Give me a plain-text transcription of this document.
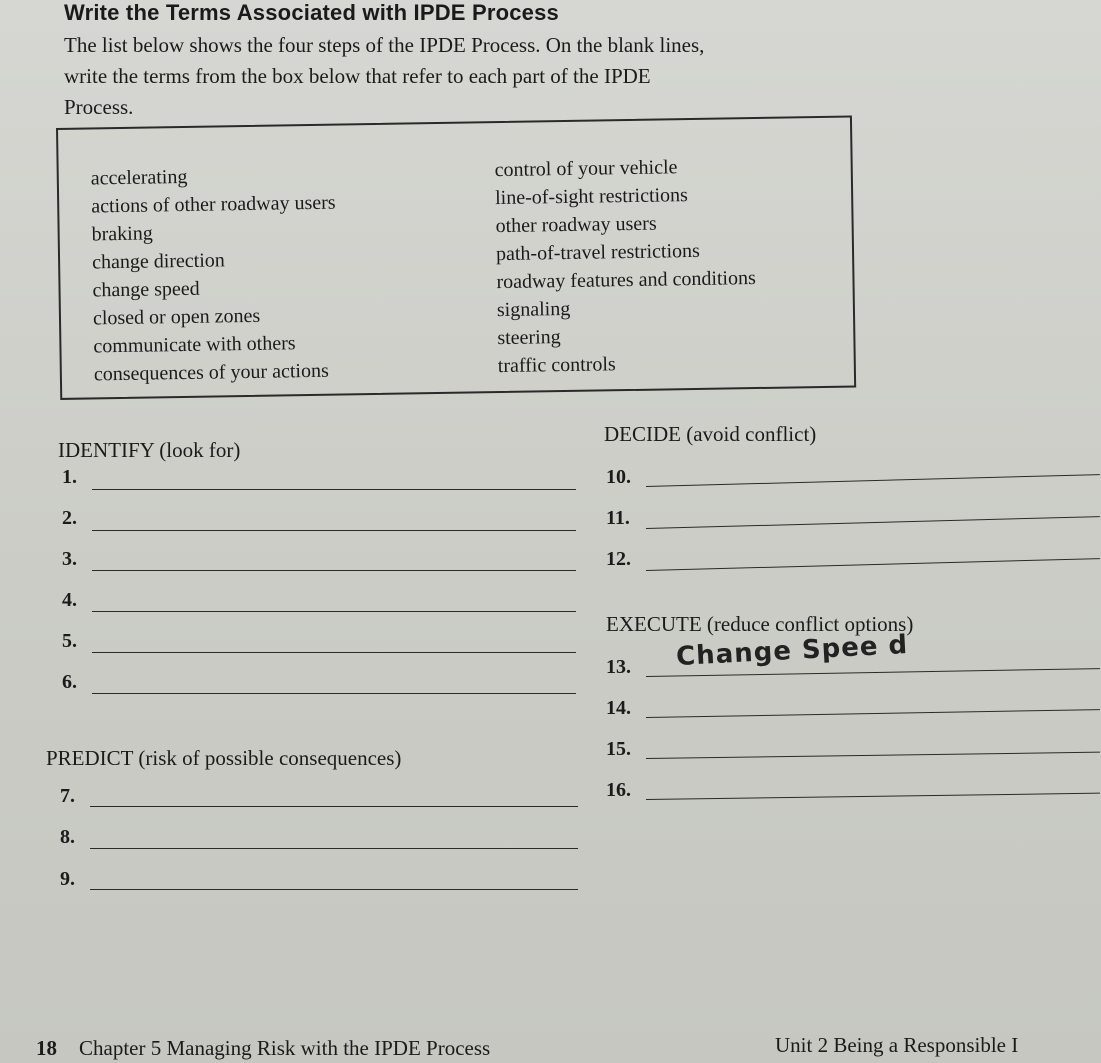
Write the Terms Associated with IPDE Process
The list below shows the four steps of the IPDE Process. On the blank lines, write the terms from the box below that refer to each part of the IPDE Process.
accelerating
actions of other roadway users
braking
change direction
change speed
closed or open zones
communicate with others
consequences of your actions
control of your vehicle
line-of-sight restrictions
other roadway users
path-of-travel restrictions
roadway features and conditions
signaling
steering
traffic controls
IDENTIFY (look for)
1.
2.
3.
4.
5.
6.
PREDICT (risk of possible consequences)
7.
8.
9.
DECIDE (avoid conflict)
10.
11.
12.
EXECUTE (reduce conflict options)
13. Change Spee d
14.
15.
16.
18 Chapter 5 Managing Risk with the IPDE Process	Unit 2 Being a Responsible I
